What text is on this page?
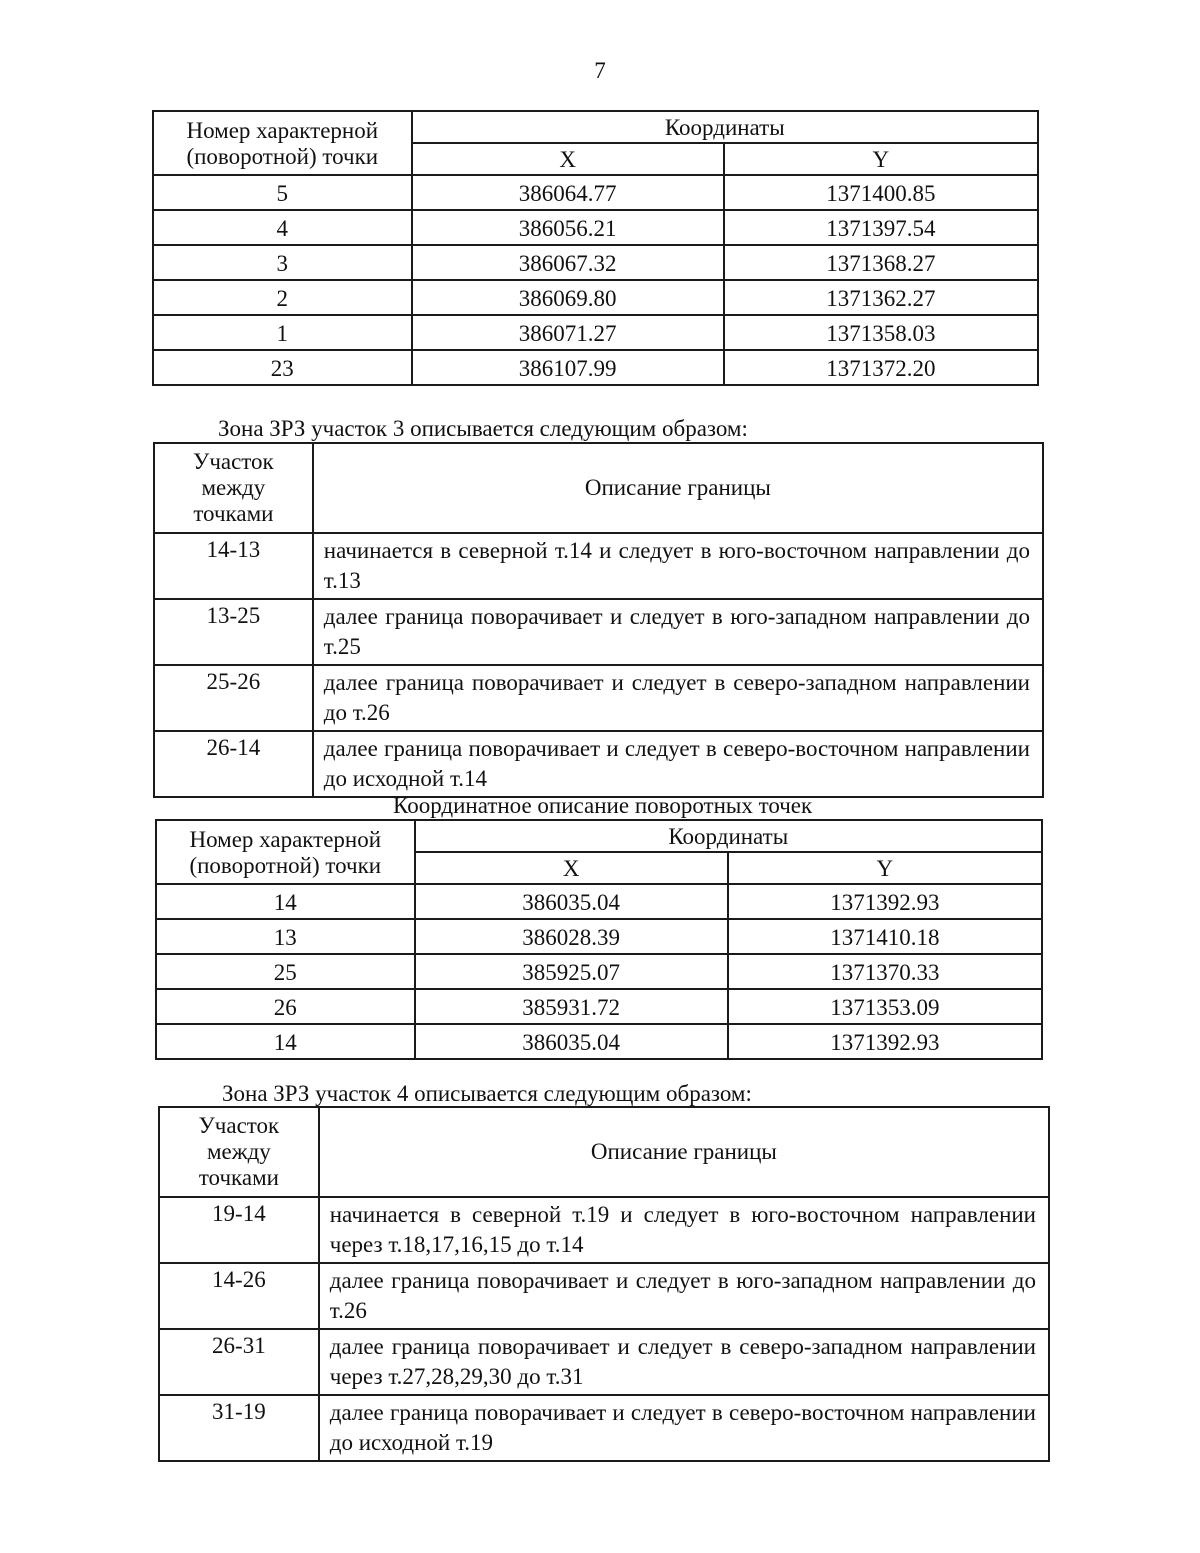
7
Номер характерной
(поворотной) точки	Координаты	
	X	Y
5	386064.77	1371400.85
4	386056.21	1371397.54
3	386067.32	1371368.27
2	386069.80	1371362.27
1	386071.27	1371358.03
23	386107.99	1371372.20
Зона ЗРЗ участок 3 описывается следующим образом:
Участок
между
точками	Описание границы
14-13	начинается в северной т.14 и следует в юго-восточном направлении до т.13
13-25	далее граница поворачивает и следует в юго-западном направлении до т.25
25-26	далее граница поворачивает и следует в северо-западном направлении до т.26
26-14	далее граница поворачивает и следует в северо-восточном направлении до исходной т.14
Координатное описание поворотных точек
Номер характерной
(поворотной) точки	Координаты	
	X	Y
14	386035.04	1371392.93
13	386028.39	1371410.18
25	385925.07	1371370.33
26	385931.72	1371353.09
14	386035.04	1371392.93
Зона ЗРЗ участок 4 описывается следующим образом:
Участок
между
точками	Описание границы
19-14	начинается в северной т.19 и следует в юго-восточном направлении через т.18,17,16,15 до т.14
14-26	далее граница поворачивает и следует в юго-западном направлении до т.26
26-31	далее граница поворачивает и следует в северо-западном направлении через т.27,28,29,30 до т.31
31-19	далее граница поворачивает и следует в северо-восточном направлении до исходной т.19
